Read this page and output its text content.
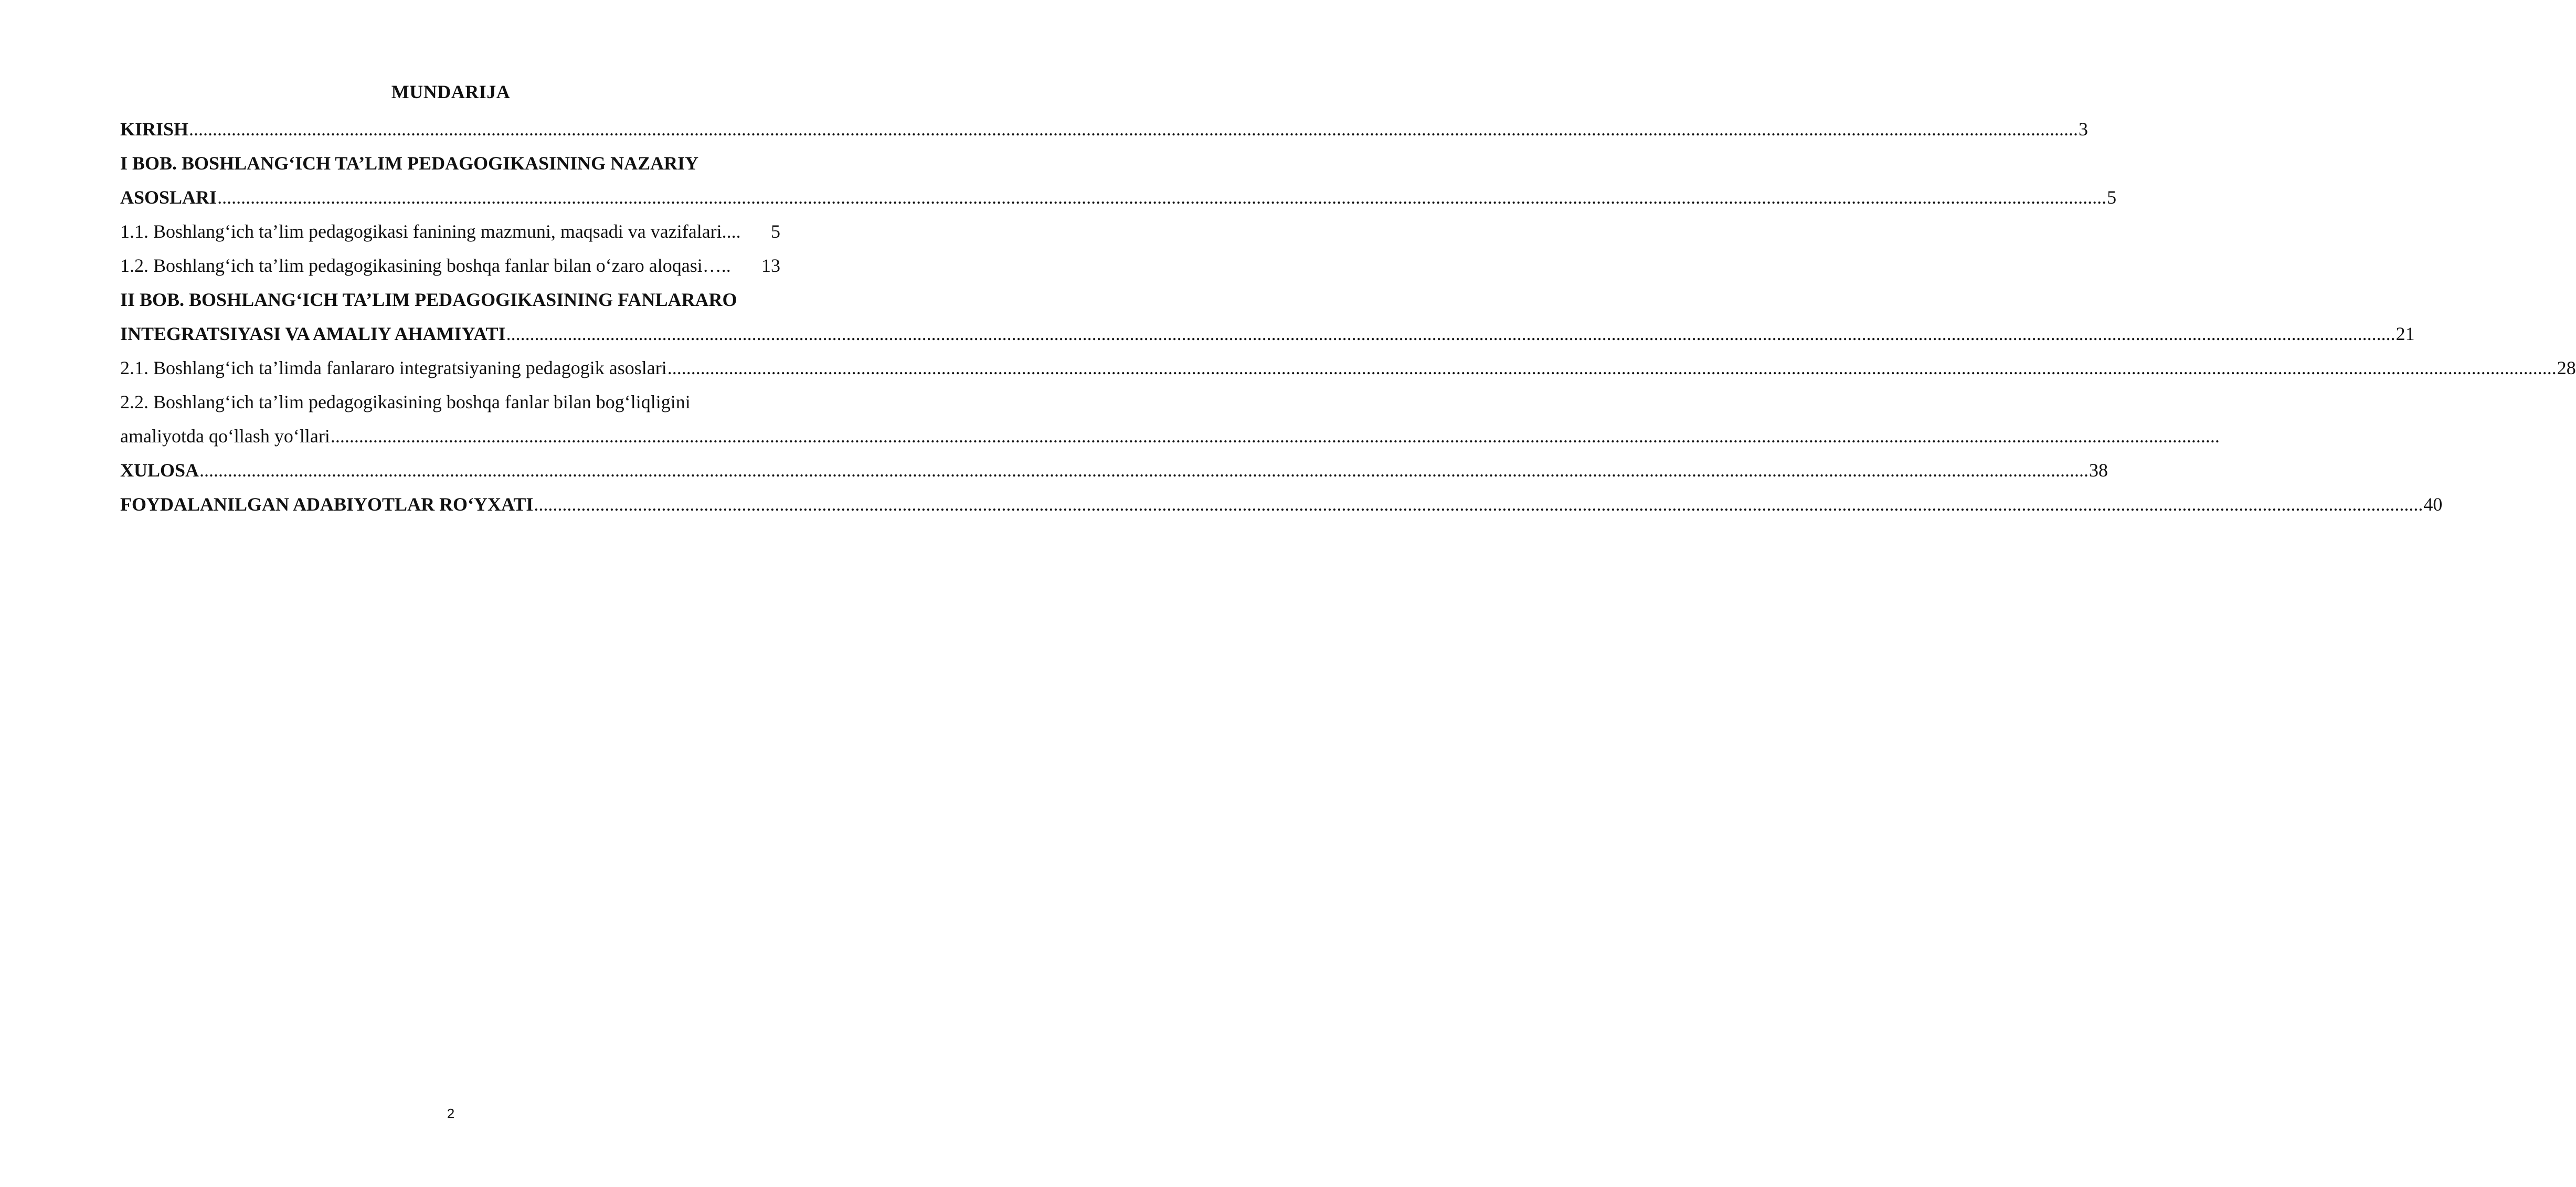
MUNDARIJA
KIRISH ................................................................................................................................................................................................................................................................................................................................................................................................................ 3
I BOB. BOSHLANG‘ICH TA’LIM PEDAGOGIKASINING NAZARIY
ASOSLARI ................................................................................................................................................................................................................................................................................................................................................................................................................ 5
1.1. Boshlang‘ich ta’lim pedagogikasi fanining mazmuni, maqsadi va vazifalari.... 5
1.2. Boshlang‘ich ta’lim pedagogikasining boshqa fanlar bilan o‘zaro aloqasi….. 13
II BOB. BOSHLANG‘ICH TA’LIM PEDAGOGIKASINING FANLARARO
INTEGRATSIYASI VA AMALIY AHAMIYATI ................................................................................................................................................................................................................................................................................................................................................................................................................ 21
2.1. Boshlang‘ich ta’limda fanlararo integratsiyaning pedagogik asoslari ................................................................................................................................................................................................................................................................................................................................................................................................................ 28
2.2. Boshlang‘ich ta’lim pedagogikasining boshqa fanlar bilan bog‘liqligini
amaliyotda qo‘llash yo‘llari ................................................................................................................................................................................................................................................................................................................................................................................................................
XULOSA ................................................................................................................................................................................................................................................................................................................................................................................................................ 38
FOYDALANILGAN ADABIYOTLAR RO‘YXATI ................................................................................................................................................................................................................................................................................................................................................................................................................ 40
2
